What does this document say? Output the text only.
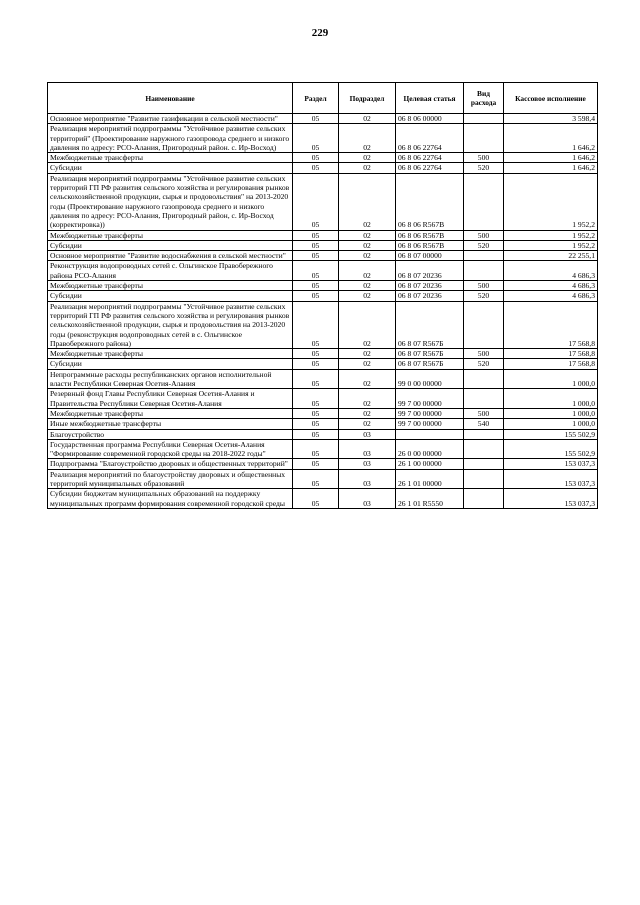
229
Наименование	Раздел	Подраздел	Целевая статья	Вид расхода	Кассовое исполнение
Основное мероприятие "Развитие газификации в сельской местности"	05	02	06 8 06 00000		3 598,4
Реализация мероприятий подпрограммы "Устойчивое развитие сельских территорий" (Проектирование наружного газопровода среднего и низкого давления по адресу: РСО-Алания, Пригородный район. с. Ир-Восход)	05	02	06 8 06 22764		1 646,2
Межбюджетные трансферты	05	02	06 8 06 22764	500	1 646,2
Субсидии	05	02	06 8 06 22764	520	1 646,2
Реализация мероприятий подпрограммы "Устойчивое развитие сельских территорий ГП РФ развития сельского хозяйства и регулирования рынков сельскохозяйственной продукции, сырья и продовольствия" на 2013-2020 годы (Проектирование наружного газопровода среднего и низкого давления по адресу: РСО-Алания, Пригородный район, с. Ир-Восход (корректировка))	05	02	06 8 06 R567B		1 952,2
Межбюджетные трансферты	05	02	06 8 06 R567B	500	1 952,2
Субсидии	05	02	06 8 06 R567B	520	1 952,2
Основное мероприятие "Развитие водоснабжения в сельской местности"	05	02	06 8 07 00000		22 255,1
Реконструкция водопроводных сетей с. Ольгинское Правобережного района РСО-Алания	05	02	06 8 07 20236		4 686,3
Межбюджетные трансферты	05	02	06 8 07 20236	500	4 686,3
Субсидии	05	02	06 8 07 20236	520	4 686,3
Реализация мероприятий подпрограммы "Устойчивое развитие сельских территорий ГП РФ развития сельского хозяйства и регулирования рынков сельскохозяйственной продукции, сырья и продовольствия на 2013-2020 годы (реконструкция водопроводных сетей в с. Ольгинское Правобережного района)	05	02	06 8 07 R567Б		17 568,8
Межбюджетные трансферты	05	02	06 8 07 R567Б	500	17 568,8
Субсидии	05	02	06 8 07 R567Б	520	17 568,8
Непрограммные расходы республиканских органов исполнительной власти Республики Северная Осетия-Алания	05	02	99 0 00 00000		1 000,0
Резервный фонд Главы Республики Северная Осетия-Алания и Правительства Республики Северная Осетия-Алания	05	02	99 7 00 00000		1 000,0
Межбюджетные трансферты	05	02	99 7 00 00000	500	1 000,0
Иные межбюджетные трансферты	05	02	99 7 00 00000	540	1 000,0
Благоустройство	05	03			155 502,9
Государственная программа Республики Северная Осетия-Алания "Формирование современной городской среды на 2018-2022 годы"	05	03	26 0 00 00000		155 502,9
Подпрограмма "Благоустройство дворовых и общественных территорий"	05	03	26 1 00 00000		153 037,3
Реализация мероприятий по благоустройству дворовых и общественных территорий муниципальных образований	05	03	26 1 01 00000		153 037,3
Субсидии бюджетам муниципальных образований на поддержку муниципальных программ формирования современной городской среды	05	03	26 1 01 R5550		153 037,3
